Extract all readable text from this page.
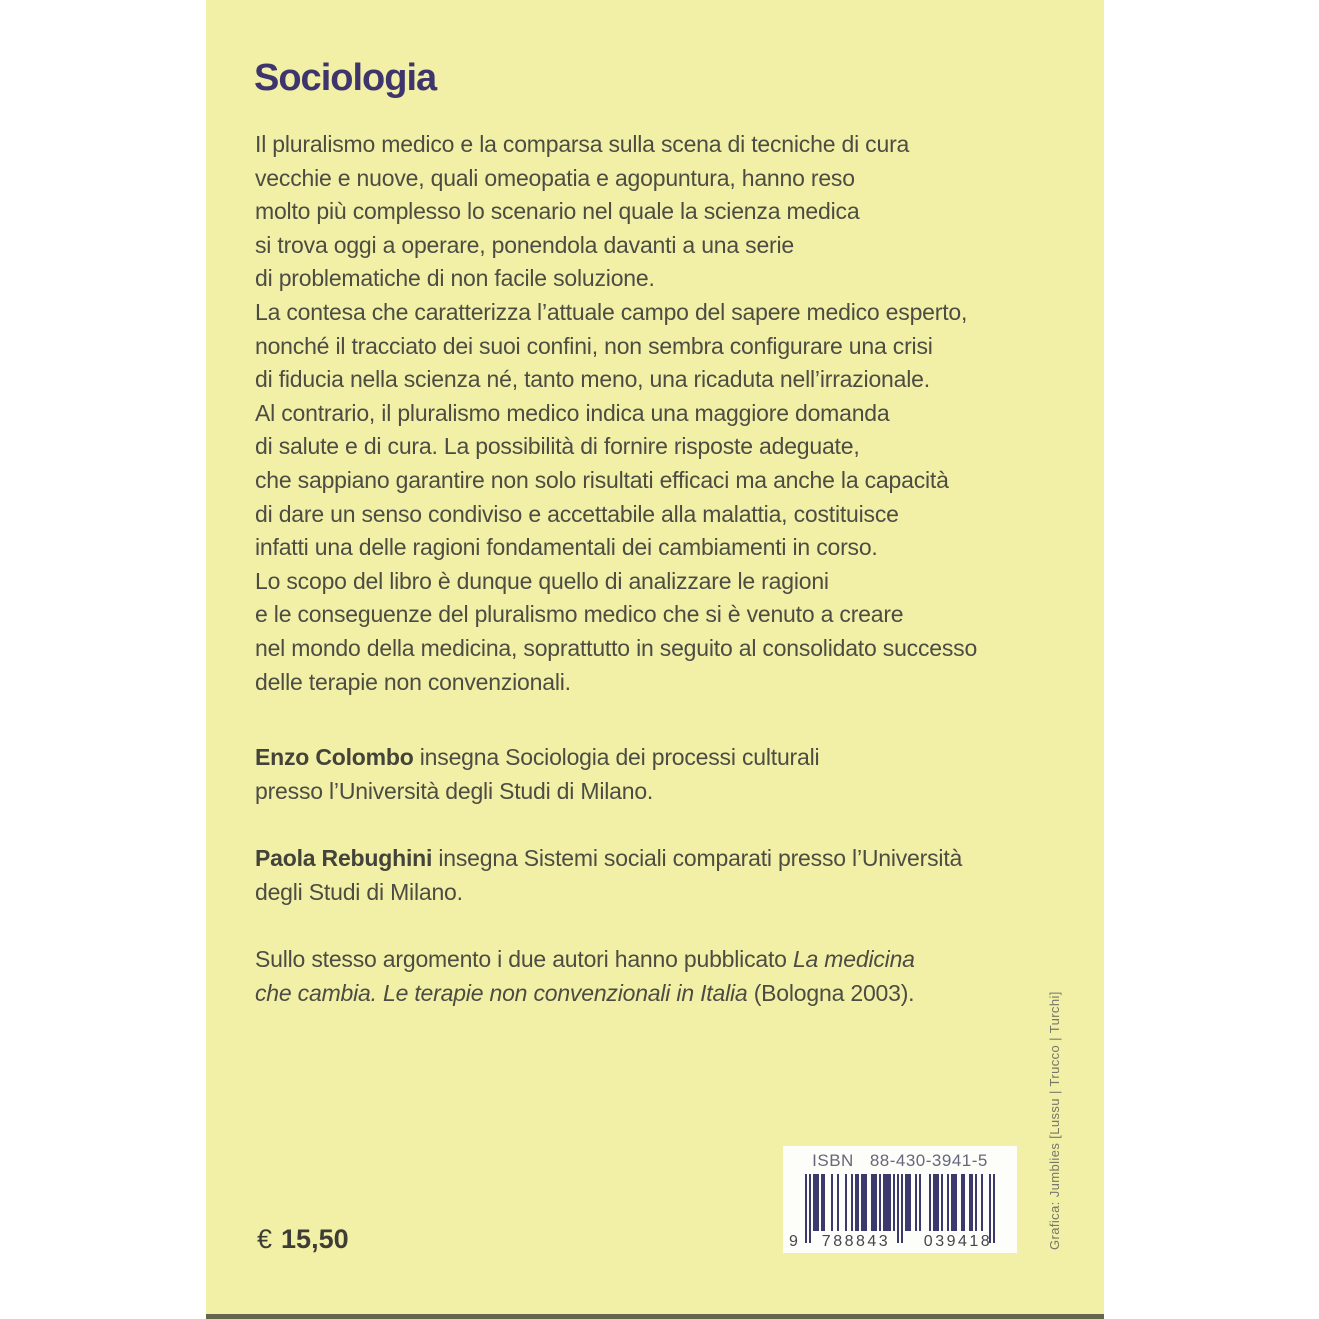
Sociologia
Il pluralismo medico e la comparsa sulla scena di tecniche di cura
vecchie e nuove, quali omeopatia e agopuntura, hanno reso
molto più complesso lo scenario nel quale la scienza medica
si trova oggi a operare, ponendola davanti a una serie
di problematiche di non facile soluzione.
La contesa che caratterizza l’attuale campo del sapere medico esperto,
nonché il tracciato dei suoi confini, non sembra configurare una crisi
di fiducia nella scienza né, tanto meno, una ricaduta nell’irrazionale.
Al contrario, il pluralismo medico indica una maggiore domanda
di salute e di cura. La possibilità di fornire risposte adeguate,
che sappiano garantire non solo risultati efficaci ma anche la capacità
di dare un senso condiviso e accettabile alla malattia, costituisce
infatti una delle ragioni fondamentali dei cambiamenti in corso.
Lo scopo del libro è dunque quello di analizzare le ragioni
e le conseguenze del pluralismo medico che si è venuto a creare
nel mondo della medicina, soprattutto in seguito al consolidato successo
delle terapie non convenzionali.
Enzo Colombo insegna Sociologia dei processi culturali
presso l’Università degli Studi di Milano.
Paola Rebughini insegna Sistemi sociali comparati presso l’Università
degli Studi di Milano.
Sullo stesso argomento i due autori hanno pubblicato La medicina
che cambia. Le terapie non convenzionali in Italia (Bologna 2003).
€ 15,50
ISBN 88-430-3941-5
9	788843	039418	Grafica: Jumblies [Lussu | Trucco | Turchi]
